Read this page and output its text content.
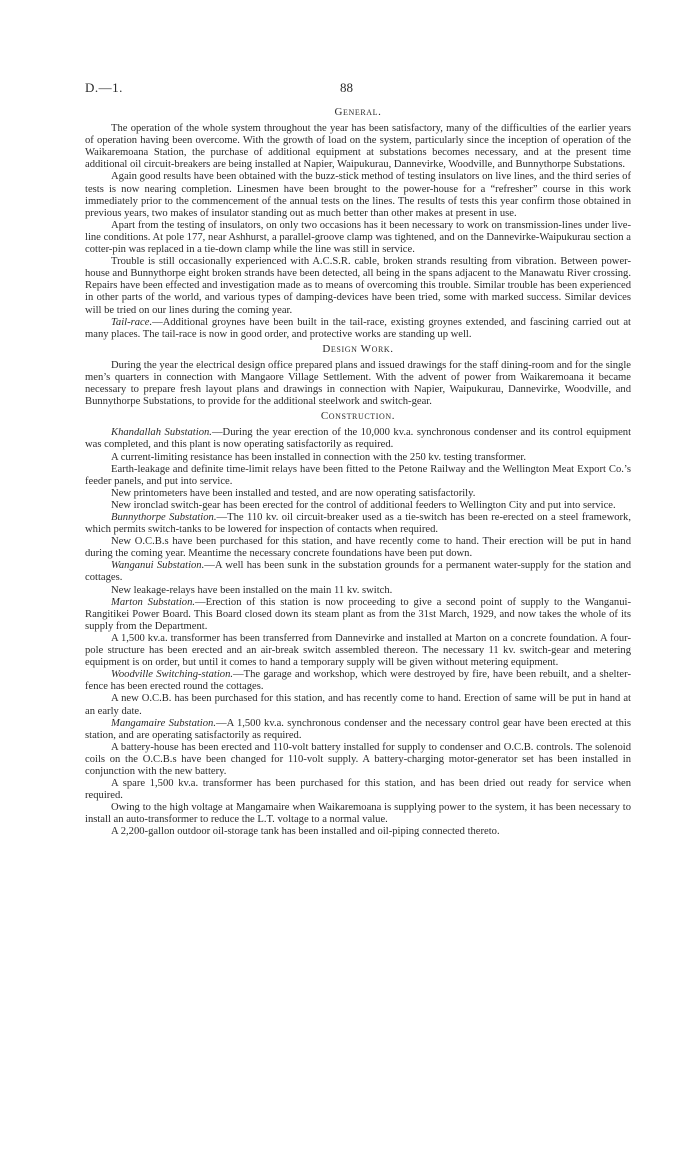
D.—1.	88

General.

The operation of the whole system throughout the year has been satisfactory, many of the difficulties of the earlier years of operation having been overcome. With the growth of load on the system, particularly since the inception of operation of the Waikaremoana Station, the purchase of additional equipment at substations becomes necessary, and at the present time additional oil circuit-breakers are being installed at Napier, Waipukurau, Dannevirke, Woodville, and Bunnythorpe Substations.

Again good results have been obtained with the buzz-stick method of testing insulators on live lines, and the third series of tests is now nearing completion. Linesmen have been brought to the power-house for a “refresher” course in this work immediately prior to the commencement of the annual tests on the lines. The results of tests this year confirm those obtained in previous years, two makes of insulator standing out as much better than other makes at present in use.

Apart from the testing of insulators, on only two occasions has it been necessary to work on transmission-lines under live-line conditions. At pole 177, near Ashhurst, a parallel-groove clamp was tightened, and on the Dannevirke-Waipukurau section a cotter-pin was replaced in a tie-down clamp while the line was still in service.

Trouble is still occasionally experienced with A.C.S.R. cable, broken strands resulting from vibration. Between power-house and Bunnythorpe eight broken strands have been detected, all being in the spans adjacent to the Manawatu River crossing. Repairs have been effected and investigation made as to means of overcoming this trouble. Similar trouble has been experienced in other parts of the world, and various types of damping-devices have been tried, some with marked success. Similar devices will be tried on our lines during the coming year.

Tail-race.—Additional groynes have been built in the tail-race, existing groynes extended, and fascining carried out at many places. The tail-race is now in good order, and protective works are standing up well.

Design Work.

During the year the electrical design office prepared plans and issued drawings for the staff dining-room and for the single men’s quarters in connection with Mangaore Village Settlement. With the advent of power from Waikaremoana it became necessary to prepare fresh layout plans and drawings in connection with Napier, Waipukurau, Dannevirke, Woodville, and Bunnythorpe Substations, to provide for the additional steelwork and switch-gear.

Construction.

Khandallah Substation.—During the year erection of the 10,000 kv.a. synchronous condenser and its control equipment was completed, and this plant is now operating satisfactorily as required.

A current-limiting resistance has been installed in connection with the 250 kv. testing transformer.

Earth-leakage and definite time-limit relays have been fitted to the Petone Railway and the Wellington Meat Export Co.’s feeder panels, and put into service.

New printometers have been installed and tested, and are now operating satisfactorily.

New ironclad switch-gear has been erected for the control of additional feeders to Wellington City and put into service.

Bunnythorpe Substation.—The 110 kv. oil circuit-breaker used as a tie-switch has been re-erected on a steel framework, which permits switch-tanks to be lowered for inspection of contacts when required.

New O.C.B.s have been purchased for this station, and have recently come to hand. Their erection will be put in hand during the coming year. Meantime the necessary concrete foundations have been put down.

Wanganui Substation.—A well has been sunk in the substation grounds for a permanent water-supply for the station and cottages.

New leakage-relays have been installed on the main 11 kv. switch.

Marton Substation.—Erection of this station is now proceeding to give a second point of supply to the Wanganui-Rangitikei Power Board. This Board closed down its steam plant as from the 31st March, 1929, and now takes the whole of its supply from the Department.

A 1,500 kv.a. transformer has been transferred from Dannevirke and installed at Marton on a concrete foundation. A four-pole structure has been erected and an air-break switch assembled thereon. The necessary 11 kv. switch-gear and metering equipment is on order, but until it comes to hand a temporary supply will be given without metering equipment.

Woodville Switching-station.—The garage and workshop, which were destroyed by fire, have been rebuilt, and a shelter-fence has been erected round the cottages.

A new O.C.B. has been purchased for this station, and has recently come to hand. Erection of same will be put in hand at an early date.

Mangamaire Substation.—A 1,500 kv.a. synchronous condenser and the necessary control gear have been erected at this station, and are operating satisfactorily as required.

A battery-house has been erected and 110-volt battery installed for supply to condenser and O.C.B. controls. The solenoid coils on the O.C.B.s have been changed for 110-volt supply. A battery-charging motor-generator set has been installed in conjunction with the new battery.

A spare 1,500 kv.a. transformer has been purchased for this station, and has been dried out ready for service when required.

Owing to the high voltage at Mangamaire when Waikaremoana is supplying power to the system, it has been necessary to install an auto-transformer to reduce the L.T. voltage to a normal value.

A 2,200-gallon outdoor oil-storage tank has been installed and oil-piping connected thereto.
